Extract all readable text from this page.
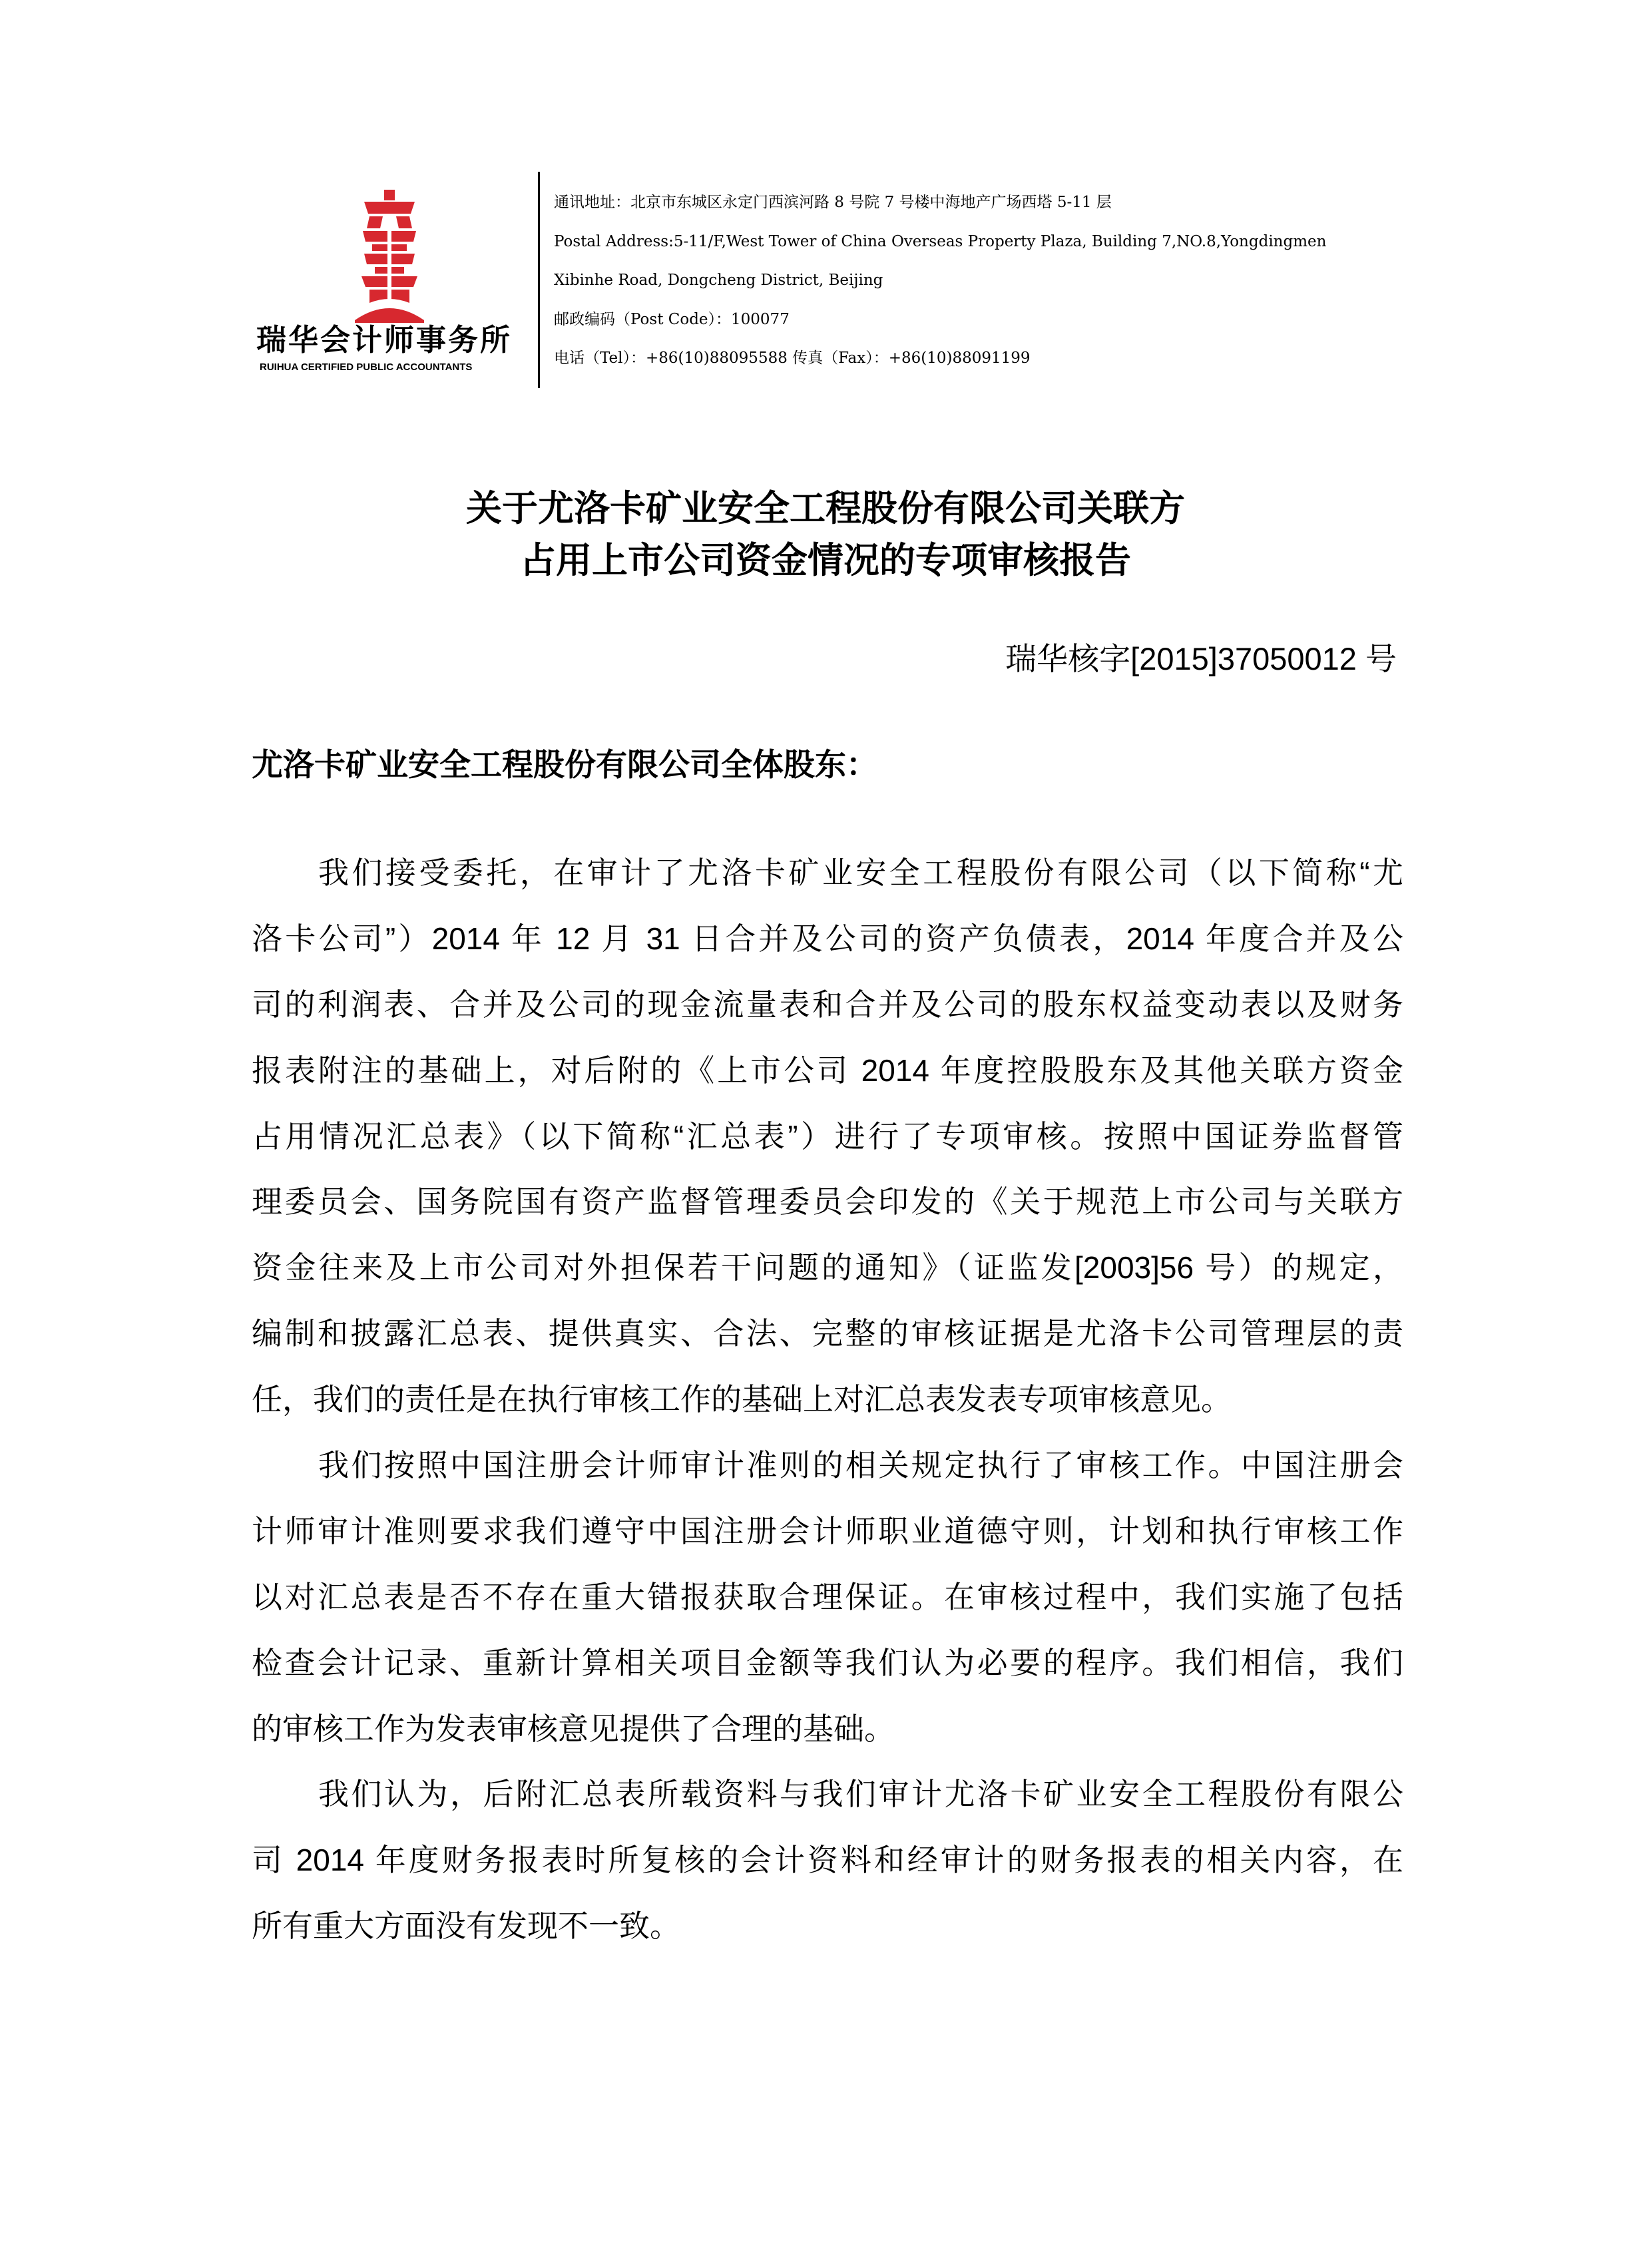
瑞华会计师事务所
RUIHUA CERTIFIED PUBLIC ACCOUNTANTS
通讯地址：北京市东城区永定门西滨河路 8 号院 7 号楼中海地产广场西塔 5-11 层
Postal Address:5-11/F,West Tower of China Overseas Property Plaza, Building 7,NO.8,Yongdingmen
Xibinhe Road, Dongcheng District, Beijing
邮政编码（Post Code）：100077
电话（Tel）：+86(10)88095588 传真（Fax）：+86(10)88091199
关于尤洛卡矿业安全工程股份有限公司关联方
占用上市公司资金情况的专项审核报告
瑞华核字[2015]37050012 号
尤洛卡矿业安全工程股份有限公司全体股东：
我们接受委托，在审计了尤洛卡矿业安全工程股份有限公司（以下简称“尤
洛卡公司”）2014 年 12 月 31 日合并及公司的资产负债表，2014 年度合并及公
司的利润表、合并及公司的现金流量表和合并及公司的股东权益变动表以及财务
报表附注的基础上，对后附的《上市公司 2014 年度控股股东及其他关联方资金
占用情况汇总表》（以下简称“汇总表”）进行了专项审核。按照中国证券监督管
理委员会、国务院国有资产监督管理委员会印发的《关于规范上市公司与关联方
资金往来及上市公司对外担保若干问题的通知》（证监发[2003]56 号）的规定，
编制和披露汇总表、提供真实、合法、完整的审核证据是尤洛卡公司管理层的责
任，我们的责任是在执行审核工作的基础上对汇总表发表专项审核意见。
我们按照中国注册会计师审计准则的相关规定执行了审核工作。中国注册会
计师审计准则要求我们遵守中国注册会计师职业道德守则，计划和执行审核工作
以对汇总表是否不存在重大错报获取合理保证。在审核过程中，我们实施了包括
检查会计记录、重新计算相关项目金额等我们认为必要的程序。我们相信，我们
的审核工作为发表审核意见提供了合理的基础。
我们认为，后附汇总表所载资料与我们审计尤洛卡矿业安全工程股份有限公
司 2014 年度财务报表时所复核的会计资料和经审计的财务报表的相关内容，在
所有重大方面没有发现不一致。
